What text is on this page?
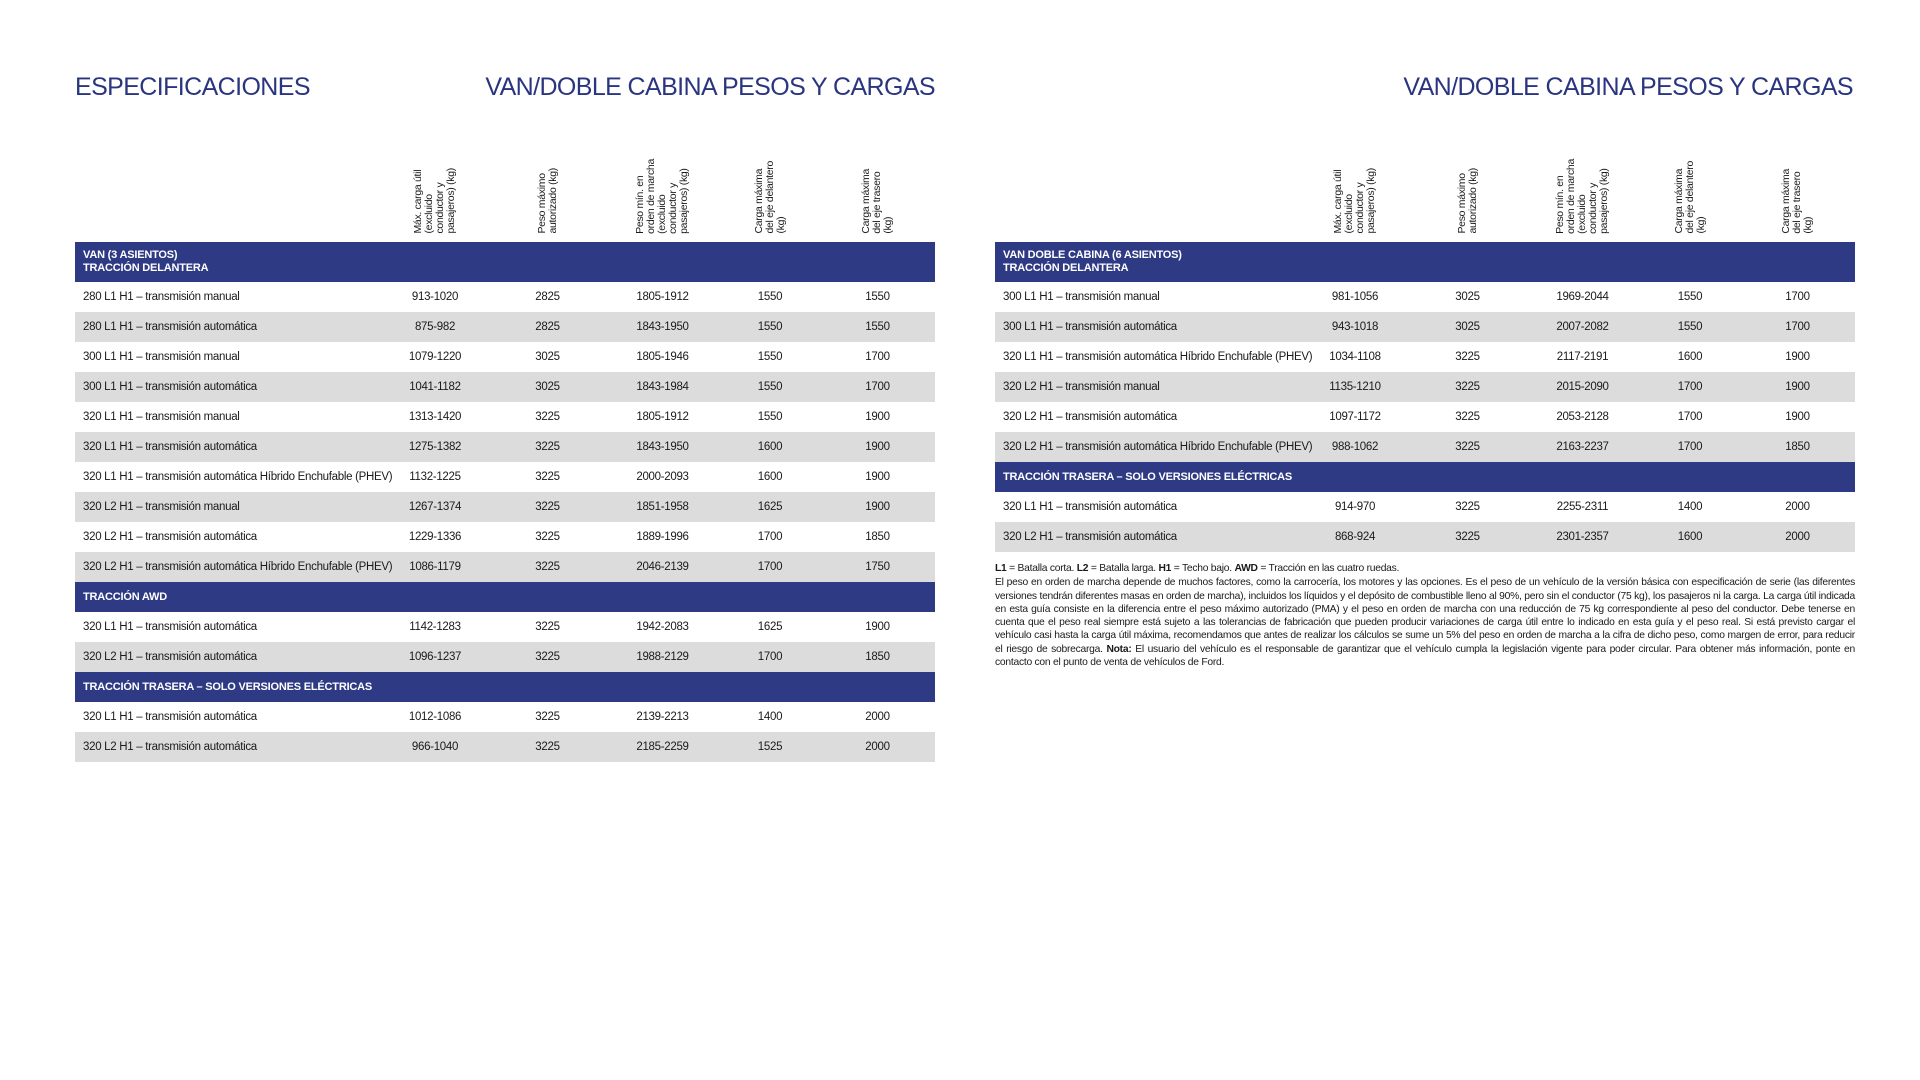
ESPECIFICACIONES	VAN/DOBLE CABINA PESOS Y CARGAS	VAN/DOBLE CABINA PESOS Y CARGAS
	Máx. carga útil
(excluido
conductor y
pasajeros) (kg)	Peso máximo
autorizado (kg)	Peso mín. en
orden de marcha
(excluido
conductor y
pasajeros) (kg)	Carga máxima
del eje delantero
(kg)	Carga máxima
del eje trasero
(kg)

VAN (3 ASIENTOS)
TRACCIÓN DELANTERA					

280 L1 H1 – transmisión manual	913-1020	2825	1805-1912	1550	1550
280 L1 H1 – transmisión automática	875-982	2825	1843-1950	1550	1550
300 L1 H1 – transmisión manual	1079-1220	3025	1805-1946	1550	1700
300 L1 H1 – transmisión automática	1041-1182	3025	1843-1984	1550	1700
320 L1 H1 – transmisión manual	1313-1420	3225	1805-1912	1550	1900
320 L1 H1 – transmisión automática	1275-1382	3225	1843-1950	1600	1900
320 L1 H1 – transmisión automática Híbrido Enchufable (PHEV)	1132-1225	3225	2000-2093	1600	1900
320 L2 H1 – transmisión manual	1267-1374	3225	1851-1958	1625	1900
320 L2 H1 – transmisión automática	1229-1336	3225	1889-1996	1700	1850
320 L2 H1 – transmisión automática Híbrido Enchufable (PHEV)	1086-1179	3225	2046-2139	1700	1750

TRACCIÓN AWD					

320 L1 H1 – transmisión automática	1142-1283	3225	1942-2083	1625	1900
320 L2 H1 – transmisión automática	1096-1237	3225	1988-2129	1700	1850

TRACCIÓN TRASERA – SOLO VERSIONES ELÉCTRICAS					

320 L1 H1 – transmisión automática	1012-1086	3225	2139-2213	1400	2000
320 L2 H1 – transmisión automática	966-1040	3225	2185-2259	1525	2000
	Máx. carga útil
(excluido
conductor y
pasajeros) (kg)	Peso máximo
autorizado (kg)	Peso mín. en
orden de marcha
(excluido
conductor y
pasajeros) (kg)	Carga máxima
del eje delantero
(kg)	Carga máxima
del eje trasero
(kg)

VAN DOBLE CABINA (6 ASIENTOS)
TRACCIÓN DELANTERA					

300 L1 H1 – transmisión manual	981-1056	3025	1969-2044	1550	1700
300 L1 H1 – transmisión automática	943-1018	3025	2007-2082	1550	1700
320 L1 H1 – transmisión automática Híbrido Enchufable (PHEV)	1034-1108	3225	2117-2191	1600	1900
320 L2 H1 – transmisión manual	1135-1210	3225	2015-2090	1700	1900
320 L2 H1 – transmisión automática	1097-1172	3225	2053-2128	1700	1900
320 L2 H1 – transmisión automática Híbrido Enchufable (PHEV)	988-1062	3225	2163-2237	1700	1850

TRACCIÓN TRASERA – SOLO VERSIONES ELÉCTRICAS					

320 L1 H1 – transmisión automática	914-970	3225	2255-2311	1400	2000
320 L2 H1 – transmisión automática	868-924	3225	2301-2357	1600	2000

L1 = Batalla corta. L2 = Batalla larga. H1 = Techo bajo. AWD = Tracción en las cuatro ruedas.

El peso en orden de marcha depende de muchos factores, como la carrocería, los motores y las opciones. Es el peso de un vehículo de la versión básica con especificación de serie (las diferentes versiones tendrán diferentes masas en orden de marcha), incluidos los líquidos y el depósito de combustible lleno al 90%, pero sin el conductor (75 kg), los pasajeros ni la carga. La carga útil indicada en esta guía consiste en la diferencia entre el peso máximo autorizado (PMA) y el peso en orden de marcha con una reducción de 75 kg correspondiente al peso del conductor. Debe tenerse en cuenta que el peso real siempre está sujeto a las tolerancias de fabricación que pueden producir variaciones de carga útil entre lo indicado en esta guía y el peso real. Si está previsto cargar el vehículo casi hasta la carga útil máxima, recomendamos que antes de realizar los cálculos se sume un 5% del peso en orden de marcha a la cifra de dicho peso, como margen de error, para reducir el riesgo de sobrecarga. Nota: El usuario del vehículo es el responsable de garantizar que el vehículo cumpla la legislación vigente para poder circular. Para obtener más información, ponte en contacto con el punto de venta de vehículos de Ford.
